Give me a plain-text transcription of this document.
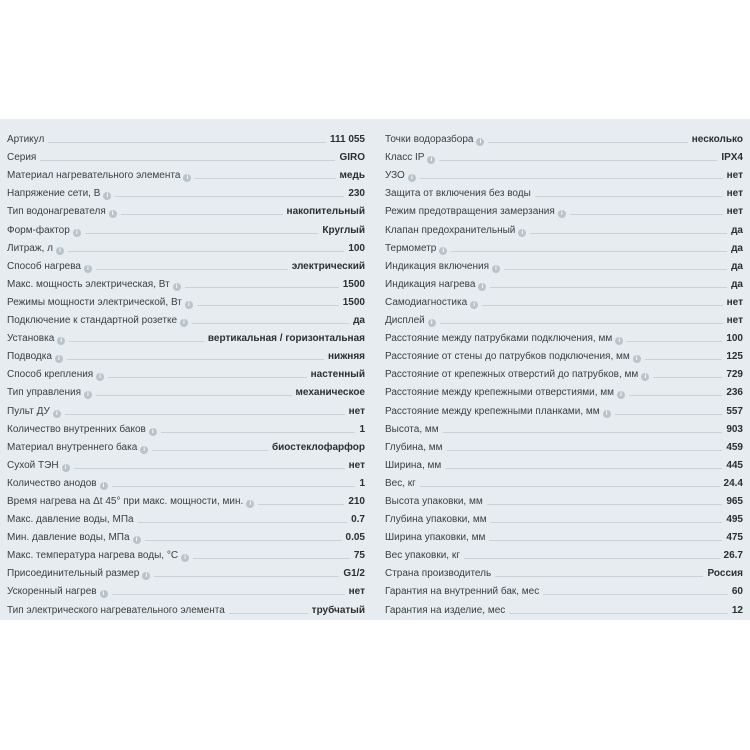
Артикул	111 055
Серия	GIRO
Материал нагревательного элемента	i	медь
Напряжение сети, В	i	230
Тип водонагревателя	i	накопительный
Форм-фактор	i	Круглый
Литраж, л	i	100
Способ нагрева	i	электрический
Макс. мощность электрическая, Вт	i	1500
Режимы мощности электрической, Вт	i	1500
Подключение к стандартной розетке	i	да
Установка	i	вертикальная / горизонтальная
Подводка	i	нижняя
Способ крепления	i	настенный
Тип управления	i	механическое
Пульт ДУ	i	нет
Количество внутренних баков	i	1
Материал внутреннего бака	i	биостеклофарфор
Сухой ТЭН	i	нет
Количество анодов	i	1
Время нагрева на Δt 45° при макс. мощности, мин.	i	210
Макс. давление воды, МПа	0.7
Мин. давление воды, МПа	i	0.05
Макс. температура нагрева воды, °С	i	75
Присоединительный размер	i	G1/2
Ускоренный нагрев	i	нет
Тип электрического нагревательного элемента	трубчатый
Точки водоразбора	i	несколько
Класс IP	i	IPX4
УЗО	i	нет
Защита от включения без воды	нет
Режим предотвращения замерзания	i	нет
Клапан предохранительный	i	да
Термометр	i	да
Индикация включения	i	да
Индикация нагрева	i	да
Самодиагностика	i	нет
Дисплей	i	нет
Расстояние между патрубками подключения, мм	i	100
Расстояние от стены до патрубков подключения, мм	i	125
Расстояние от крепежных отверстий до патрубков, мм	i	729
Расстояние между крепежными отверстиями, мм	i	236
Расстояние между крепежными планками, мм	i	557
Высота, мм	903
Глубина, мм	459
Ширина, мм	445
Вес, кг	24.4
Высота упаковки, мм	965
Глубина упаковки, мм	495
Ширина упаковки, мм	475
Вес упаковки, кг	26.7
Страна производитель	Россия
Гарантия на внутренний бак, мес	60
Гарантия на изделие, мес	12
